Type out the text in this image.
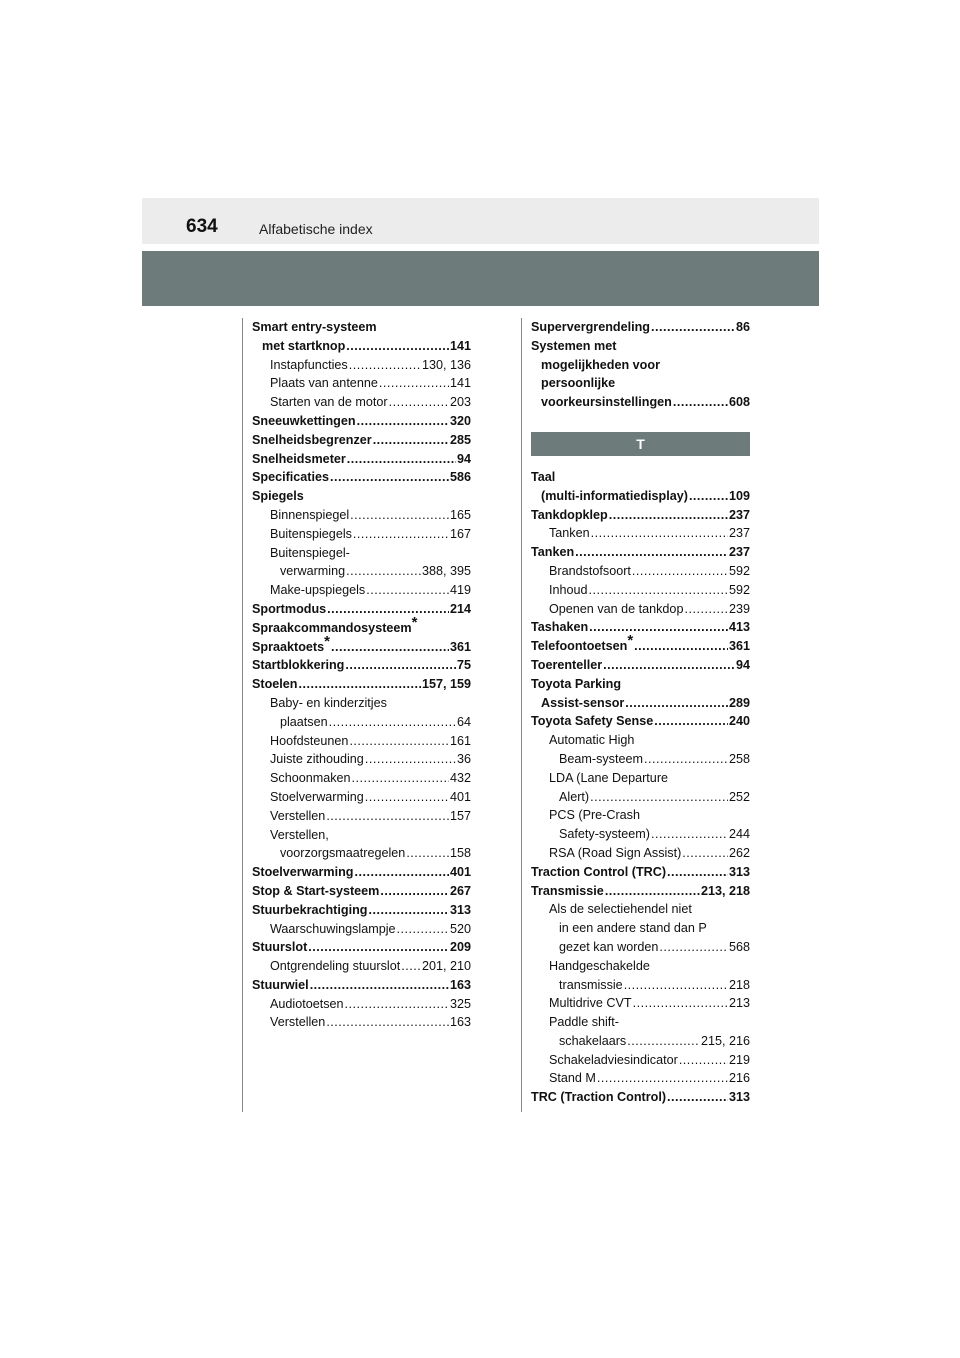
634	Alfabetische index
Smart entry-systeem
met startknop .....	141
Instapfuncties .....	130, 136
Plaats van antenne .....	141
Starten van de motor .....	203
Sneeuwkettingen .....	320
Snelheidsbegrenzer .....	285
Snelheidsmeter .....	94
Specificaties .....	586
Spiegels
Binnenspiegel .....	165
Buitenspiegels .....	167
Buitenspiegel-
verwarming .....	388, 395
Make-upspiegels .....	419
Sportmodus .....	214
Spraakcommandosysteem*
Spraaktoets* .....	361
Startblokkering .....	75
Stoelen .....	157, 159
Baby- en kinderzitjes
plaatsen .....	64
Hoofdsteunen .....	161
Juiste zithouding .....	36
Schoonmaken .....	432
Stoelverwarming .....	401
Verstellen .....	157
Verstellen,
voorzorgsmaatregelen .....	158
Stoelverwarming .....	401
Stop & Start-systeem .....	267
Stuurbekrachtiging .....	313
Waarschuwingslampje .....	520
Stuurslot .....	209
Ontgrendeling stuurslot ..... 201, 210
Stuurwiel .....	163
Audiotoetsen .....	325
Verstellen .....	163
Supervergrendeling .....	86
Systemen met
mogelijkheden voor
persoonlijke
voorkeursinstellingen .....	608
T
Taal
(multi-informatiedisplay) .....	109
Tankdopklep .....	237
Tanken .....	237
Tanken .....	237
Brandstofsoort .....	592
Inhoud .....	592
Openen van de tankdop .....	239
Tashaken .....	413
Telefoontoetsen* .....	361
Toerenteller .....	94
Toyota Parking
Assist-sensor .....	289
Toyota Safety Sense .....	240
Automatic High
Beam-systeem .....	258
LDA (Lane Departure
Alert) .....	252
PCS (Pre-Crash
Safety-systeem) .....	244
RSA (Road Sign Assist) .....	262
Traction Control (TRC) .....	313
Transmissie .....	213, 218
Als de selectiehendel niet
in een andere stand dan P
gezet kan worden .....	568
Handgeschakelde
transmissie .....	218
Multidrive CVT .....	213
Paddle shift-
schakelaars .....	215, 216
Schakeladviesindicator .....	219
Stand M .....	216
TRC (Traction Control) .....	313
